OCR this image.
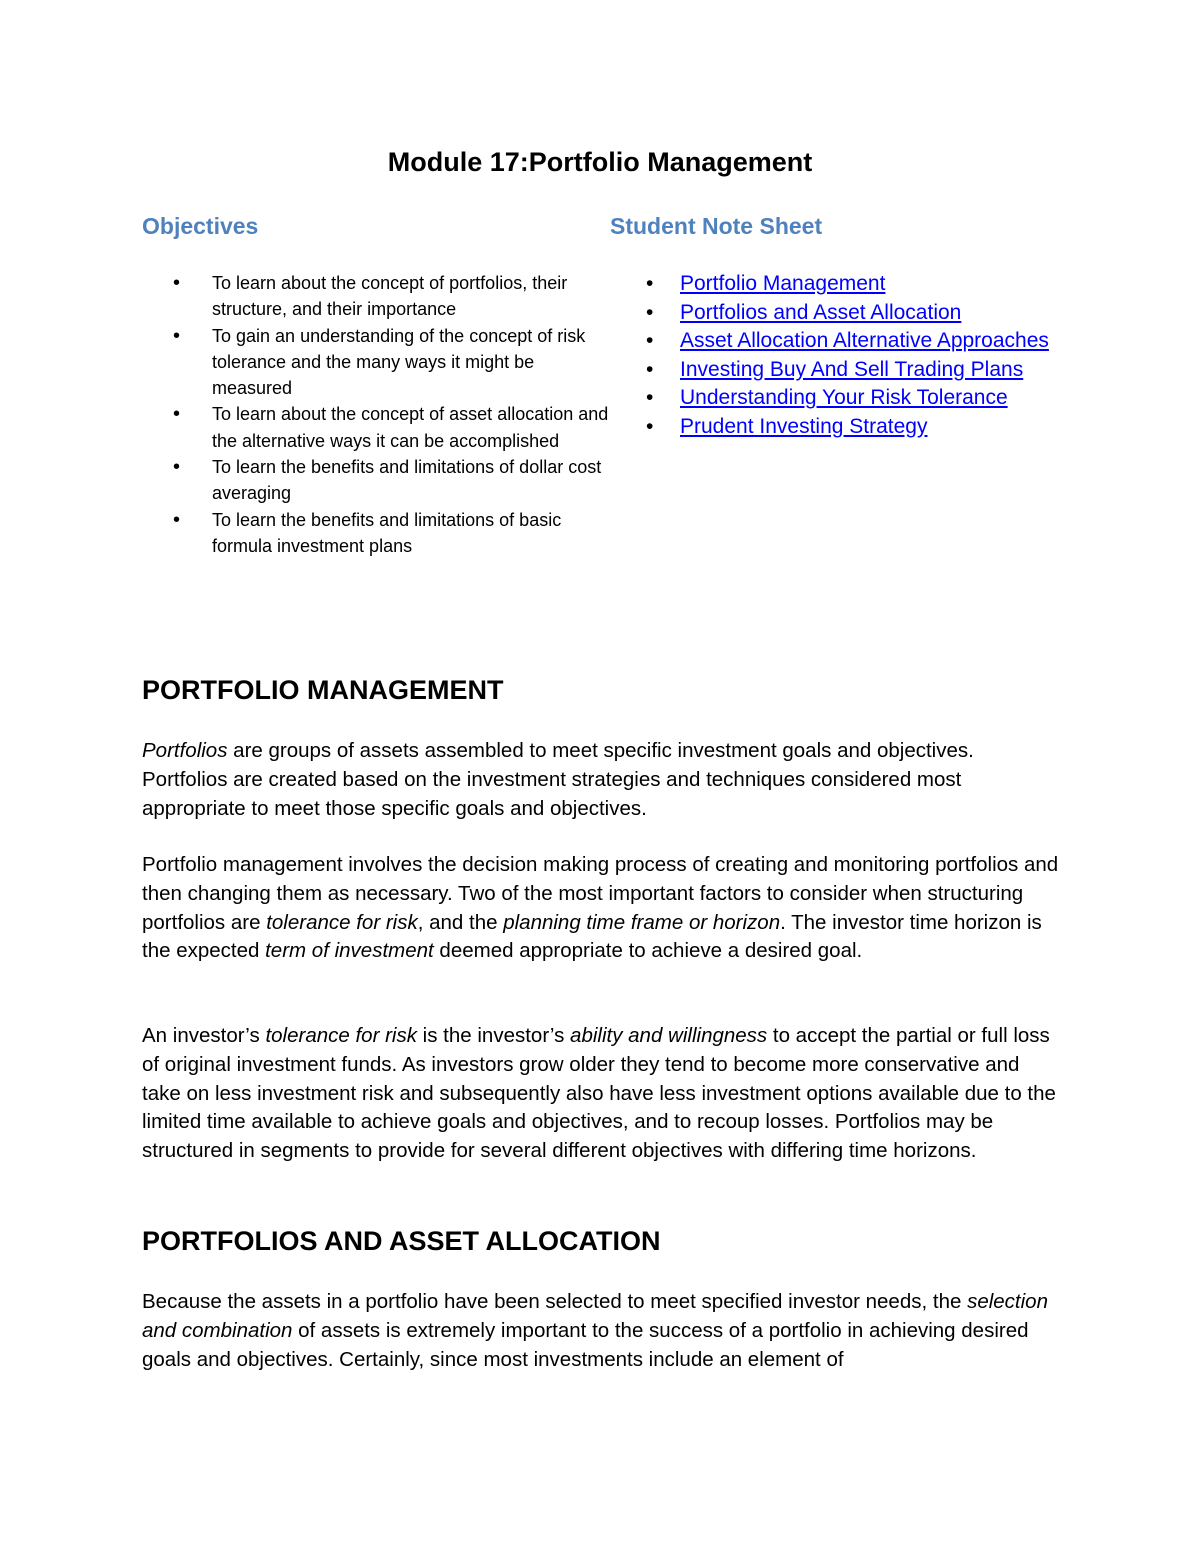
Module 17:Portfolio Management
Objectives	Student Note Sheet
• To learn about the concept of portfolios, their structure, and their importance
• To gain an understanding of the concept of risk tolerance and the many ways it might be measured
• To learn about the concept of asset allocation and the alternative ways it can be accomplished
• To learn the benefits and limitations of dollar cost averaging
• To learn the benefits and limitations of basic formula investment plans
• Portfolio Management
• Portfolios and Asset Allocation
• Asset Allocation Alternative Approaches
• Investing Buy And Sell Trading Plans
• Understanding Your Risk Tolerance
• Prudent Investing Strategy
PORTFOLIO MANAGEMENT

Portfolios are groups of assets assembled to meet specific investment goals and objectives. Portfolios are created based on the investment strategies and techniques considered most appropriate to meet those specific goals and objectives.

Portfolio management involves the decision making process of creating and monitoring portfolios and then changing them as necessary. Two of the most important factors to consider when structuring portfolios are tolerance for risk, and the planning time frame or horizon. The investor time horizon is the expected term of investment deemed appropriate to achieve a desired goal.

An investor’s tolerance for risk is the investor’s ability and willingness to accept the partial or full loss of original investment funds. As investors grow older they tend to become more conservative and take on less investment risk and subsequently also have less investment options available due to the limited time available to achieve goals and objectives, and to recoup losses. Portfolios may be structured in segments to provide for several different objectives with differing time horizons.

PORTFOLIOS AND ASSET ALLOCATION

Because the assets in a portfolio have been selected to meet specified investor needs, the selection and combination of assets is extremely important to the success of a portfolio in achieving desired goals and objectives. Certainly, since most investments include an element of
